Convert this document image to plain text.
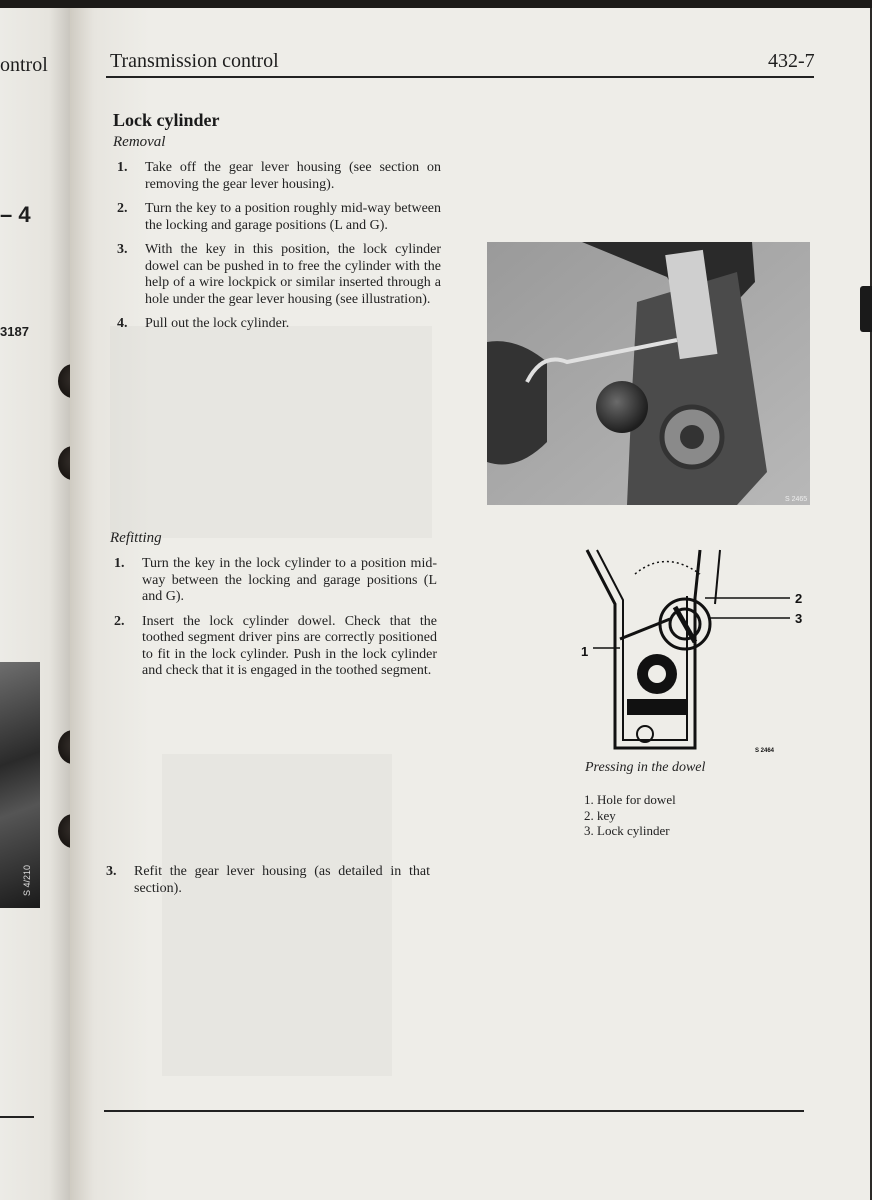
ontrol
– 4
3187
S 4/210
Transmission control	432-7
Lock cylinder
Removal
1. Take off the gear lever housing (see section on removing the gear lever housing).
2. Turn the key to a position roughly mid-way between the locking and garage positions (L and G).
3. With the key in this position, the lock cylinder dowel can be pushed in to free the cylinder with the help of a wire lockpick or similar inserted through a hole under the gear lever housing (see illustration).
4. Pull out the lock cylinder.
Refitting
1. Turn the key in the lock cylinder to a position mid-way between the locking and garage positions (L and G).
2. Insert the lock cylinder dowel. Check that the toothed segment driver pins are correctly positioned to fit in the lock cylinder. Push in the lock cylinder and check that it is engaged in the toothed segment.
3. Refit the gear lever housing (as detailed in that section).
S 2465
1
2
3
S 2464
Pressing in the dowel
1. Hole for dowel
2. key
3. Lock cylinder
